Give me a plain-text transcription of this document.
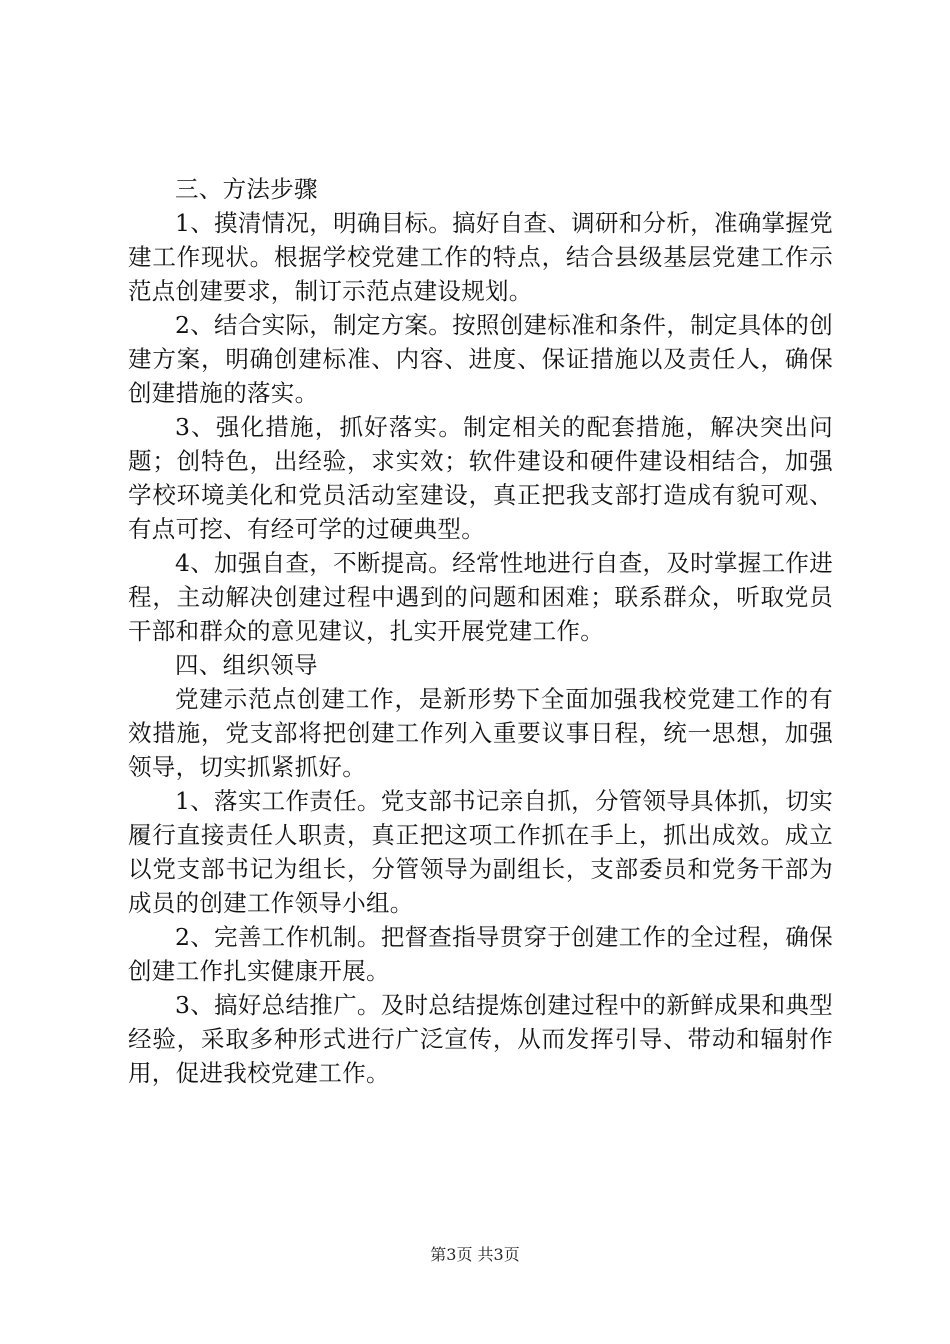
三、方法步骤

1、摸清情况，明确目标。搞好自查、调研和分析，准确掌握党建工作现状。根据学校党建工作的特点，结合县级基层党建工作示范点创建要求，制订示范点建设规划。

2、结合实际，制定方案。按照创建标准和条件，制定具体的创建方案，明确创建标准、内容、进度、保证措施以及责任人，确保创建措施的落实。

3、强化措施，抓好落实。制定相关的配套措施，解决突出问题；创特色，出经验，求实效；软件建设和硬件建设相结合，加强学校环境美化和党员活动室建设，真正把我支部打造成有貌可观、有点可挖、有经可学的过硬典型。

4、加强自查，不断提高。经常性地进行自查，及时掌握工作进程，主动解决创建过程中遇到的问题和困难；联系群众，听取党员干部和群众的意见建议，扎实开展党建工作。

四、组织领导

党建示范点创建工作，是新形势下全面加强我校党建工作的有效措施，党支部将把创建工作列入重要议事日程，统一思想，加强领导，切实抓紧抓好。

1、落实工作责任。党支部书记亲自抓，分管领导具体抓，切实履行直接责任人职责，真正把这项工作抓在手上，抓出成效。成立以党支部书记为组长，分管领导为副组长，支部委员和党务干部为成员的创建工作领导小组。

2、完善工作机制。把督查指导贯穿于创建工作的全过程，确保创建工作扎实健康开展。

3、搞好总结推广。及时总结提炼创建过程中的新鲜成果和典型经验，采取多种形式进行广泛宣传，从而发挥引导、带动和辐射作用，促进我校党建工作。

第3页 共3页
